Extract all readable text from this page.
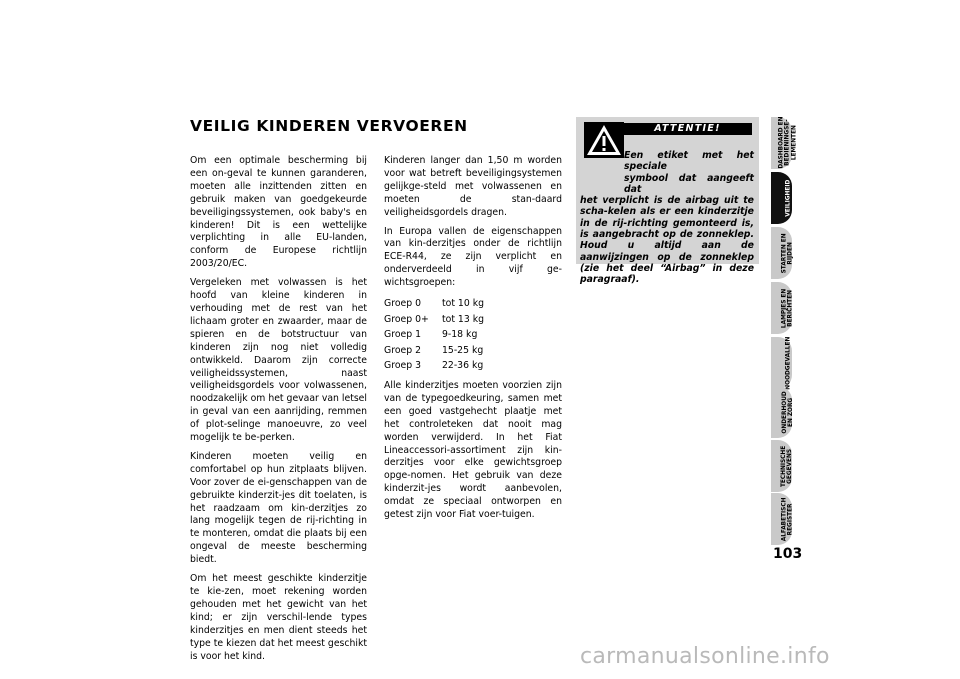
VEILIG KINDEREN VERVOEREN

Om een optimale bescherming bij een on-geval te kunnen garanderen, moeten alle inzittenden zitten en gebruik maken van goedgekeurde beveiligingssystemen, ook baby's en kinderen! Dit is een wettelijke verplichting in alle EU-landen, conform de Europese richtlijn 2003/20/EC.

Vergeleken met volwassen is het hoofd van kleine kinderen in verhouding met de rest van het lichaam groter en zwaarder, maar de spieren en de botstructuur van kinderen zijn nog niet volledig ontwikkeld. Daarom zijn correcte veiligheidssystemen, naast veiligheidsgordels voor volwassenen, noodzakelijk om het gevaar van letsel in geval van een aanrijding, remmen of plot-selinge manoeuvre, zo veel mogelijk te be-perken.

Kinderen moeten veilig en comfortabel op hun zitplaats blijven. Voor zover de ei-genschappen van de gebruikte kinderzit-jes dit toelaten, is het raadzaam om kin-derzitjes zo lang mogelijk tegen de rij-richting in te monteren, omdat die plaats bij een ongeval de meeste bescherming biedt.

Om het meest geschikte kinderzitje te kie-zen, moet rekening worden gehouden met het gewicht van het kind; er zijn verschil-lende types kinderzitjes en men dient steeds het type te kiezen dat het meest geschikt is voor het kind.

Kinderen langer dan 1,50 m worden voor wat betreft beveiligingsystemen gelijkge-steld met volwassenen en moeten de stan-daard veiligheidsgordels dragen.

In Europa vallen de eigenschappen van kin-derzitjes onder de richtlijn ECE-R44, ze zijn verplicht en onderverdeeld in vijf ge-wichtsgroepen:

Groep 0	tot 10 kg
Groep 0+	tot 13 kg
Groep 1	9-18 kg
Groep 2	15-25 kg
Groep 3	22-36 kg

Alle kinderzitjes moeten voorzien zijn van de typegoedkeuring, samen met een goed vastgehecht plaatje met het controleteken dat nooit mag worden verwijderd. In het Fiat Lineaccessori-assortiment zijn kin-derzitjes voor elke gewichtsgroep opge-nomen. Het gebruik van deze kinderzit-jes wordt aanbevolen, omdat ze speciaal ontworpen en getest zijn voor Fiat voer-tuigen.

ATTENTIE!
Een etiket met het speciale
symbool dat aangeeft dat
het verplicht is de airbag uit te scha-kelen als er een kinderzitje in de rij-richting gemonteerd is, is aangebracht op de zonneklep. Houd u altijd aan de aanwijzingen op de zonneklep (zie het deel “Airbag” in deze paragraaf).
DASHBOARD EN
BEDIENINGSE-
LEMENTEN
VEILIGHEID
STARTEN EN
RIJDEN
LAMPJES EN
BERICHTEN
NOODGEVALLEN
ONDERHOUD
EN ZORG
TECHNISCHE
GEGEVENS
ALFABETISCH
REGISTER
103
carmanualsonline.info
